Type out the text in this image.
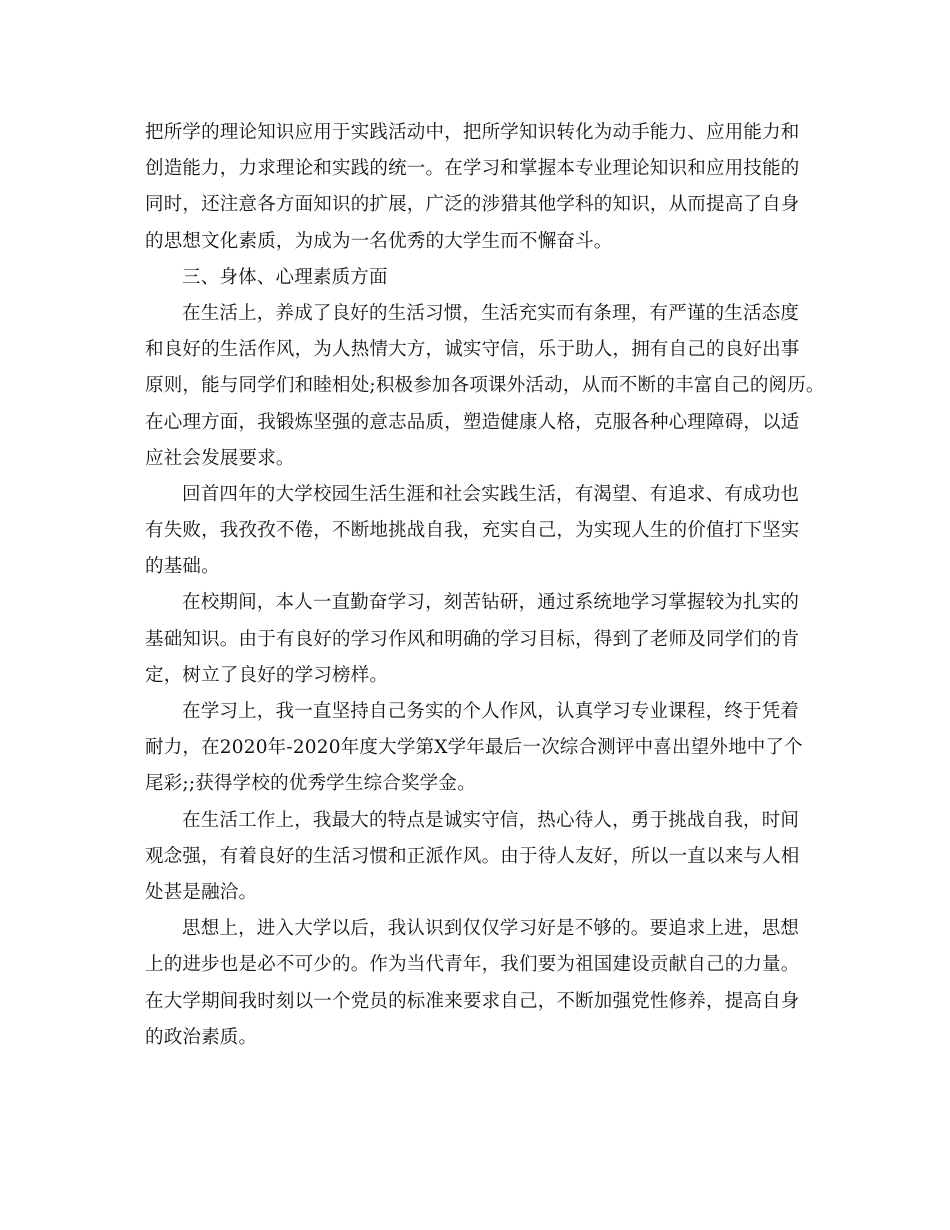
把所学的理论知识应用于实践活动中，把所学知识转化为动手能力、应用能力和
创造能力，力求理论和实践的统一。在学习和掌握本专业理论知识和应用技能的
同时，还注意各方面知识的扩展，广泛的涉猎其他学科的知识，从而提高了自身
的思想文化素质，为成为一名优秀的大学生而不懈奋斗。
三、身体、心理素质方面
在生活上，养成了良好的生活习惯，生活充实而有条理，有严谨的生活态度
和良好的生活作风，为人热情大方，诚实守信，乐于助人，拥有自己的良好出事
原则，能与同学们和睦相处;积极参加各项课外活动，从而不断的丰富自己的阅历。
在心理方面，我锻炼坚强的意志品质，塑造健康人格，克服各种心理障碍，以适
应社会发展要求。
回首四年的大学校园生活生涯和社会实践生活，有渴望、有追求、有成功也
有失败，我孜孜不倦，不断地挑战自我，充实自己，为实现人生的价值打下坚实
的基础。
在校期间，本人一直勤奋学习，刻苦钻研，通过系统地学习掌握较为扎实的
基础知识。由于有良好的学习作风和明确的学习目标，得到了老师及同学们的肯
定，树立了良好的学习榜样。
在学习上，我一直坚持自己务实的个人作风，认真学习专业课程，终于凭着
耐力，在2020年-2020年度大学第X学年最后一次综合测评中喜出望外地中了个
尾彩;;获得学校的优秀学生综合奖学金。
在生活工作上，我最大的特点是诚实守信，热心待人，勇于挑战自我，时间
观念强，有着良好的生活习惯和正派作风。由于待人友好，所以一直以来与人相
处甚是融洽。
思想上，进入大学以后，我认识到仅仅学习好是不够的。要追求上进，思想
上的进步也是必不可少的。作为当代青年，我们要为祖国建设贡献自己的力量。
在大学期间我时刻以一个党员的标准来要求自己，不断加强党性修养，提高自身
的政治素质。
